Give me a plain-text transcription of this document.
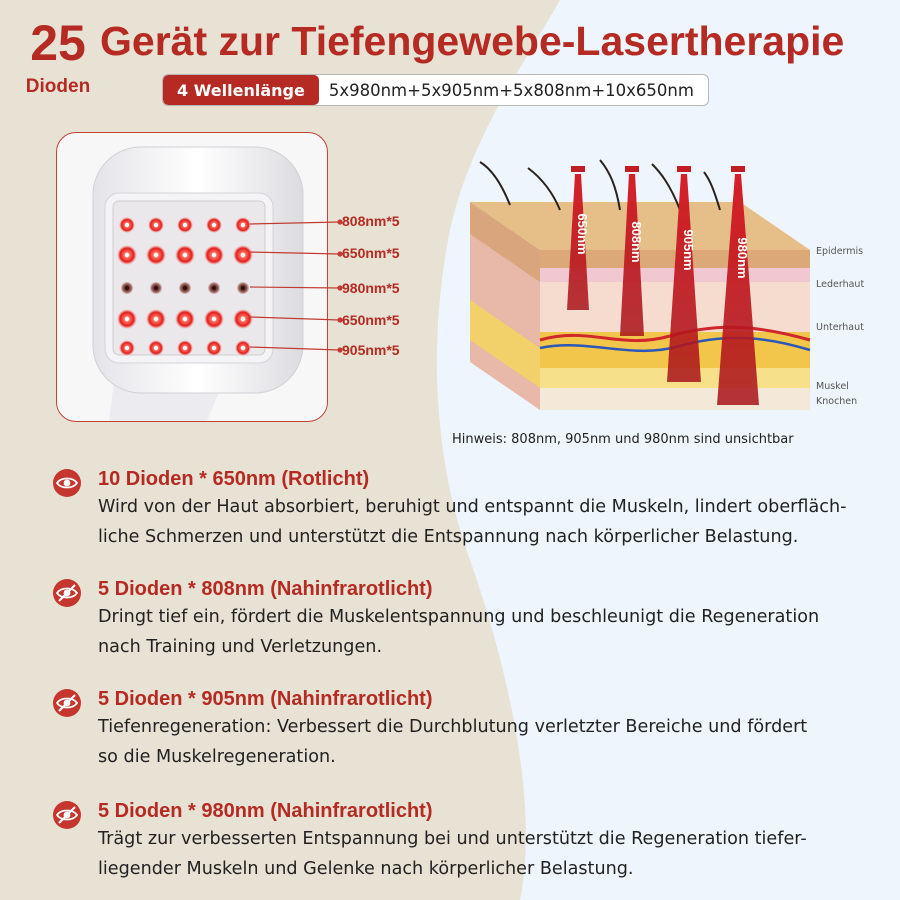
25
Dioden
Gerät zur Tiefengewebe-Lasertherapie
4 Wellenlänge	5x980nm+5x905nm+5x808nm+10x650nm
808nm*5
650nm*5
980nm*5
650nm*5
905nm*5
650nm	808nm	905nm	980nm	Epidermis
Lederhaut
Unterhaut
Muskel
Knochen
Hinweis: 808nm, 905nm und 980nm sind unsichtbar
10 Dioden * 650nm (Rotlicht)
Wird von der Haut absorbiert, beruhigt und entspannt die Muskeln, lindert oberfläch-
liche Schmerzen und unterstützt die Entspannung nach körperlicher Belastung.
5 Dioden * 808nm (Nahinfrarotlicht)
Dringt tief ein, fördert die Muskelentspannung und beschleunigt die Regeneration
nach Training und Verletzungen.
5 Dioden * 905nm (Nahinfrarotlicht)
Tiefenregeneration: Verbessert die Durchblutung verletzter Bereiche und fördert
so die Muskelregeneration.
5 Dioden * 980nm (Nahinfrarotlicht)
Trägt zur verbesserten Entspannung bei und unterstützt die Regeneration tiefer-
liegender Muskeln und Gelenke nach körperlicher Belastung.
